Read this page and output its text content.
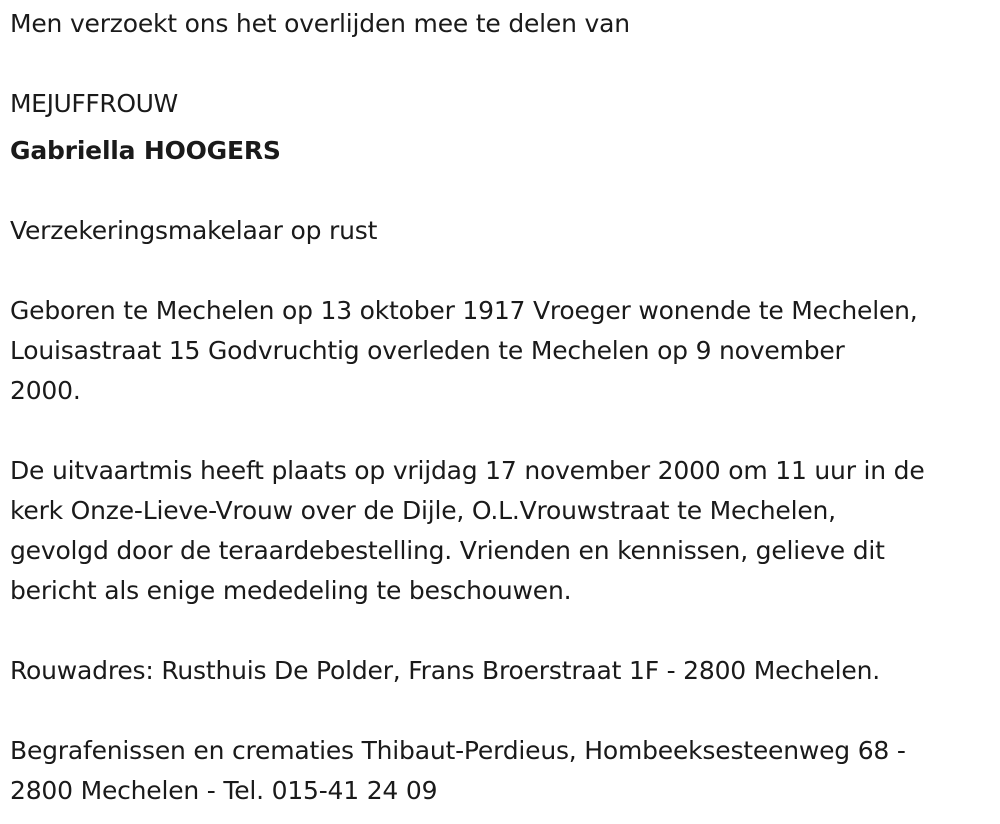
Men verzoekt ons het overlijden mee te delen van

MEJUFFROUW

Gabriella HOOGERS

Verzekeringsmakelaar op rust

Geboren te Mechelen op 13 oktober 1917 Vroeger wonende te Mechelen,

Louisastraat 15 Godvruchtig overleden te Mechelen op 9 november

2000.

De uitvaartmis heeft plaats op vrijdag 17 november 2000 om 11 uur in de

kerk Onze-Lieve-Vrouw over de Dijle, O.L.Vrouwstraat te Mechelen,

gevolgd door de teraardebestelling. Vrienden en kennissen, gelieve dit

bericht als enige mededeling te beschouwen.

Rouwadres: Rusthuis De Polder, Frans Broerstraat 1F - 2800 Mechelen.

Begrafenissen en crematies Thibaut-Perdieus, Hombeeksesteenweg 68 -

2800 Mechelen - Tel. 015-41 24 09
